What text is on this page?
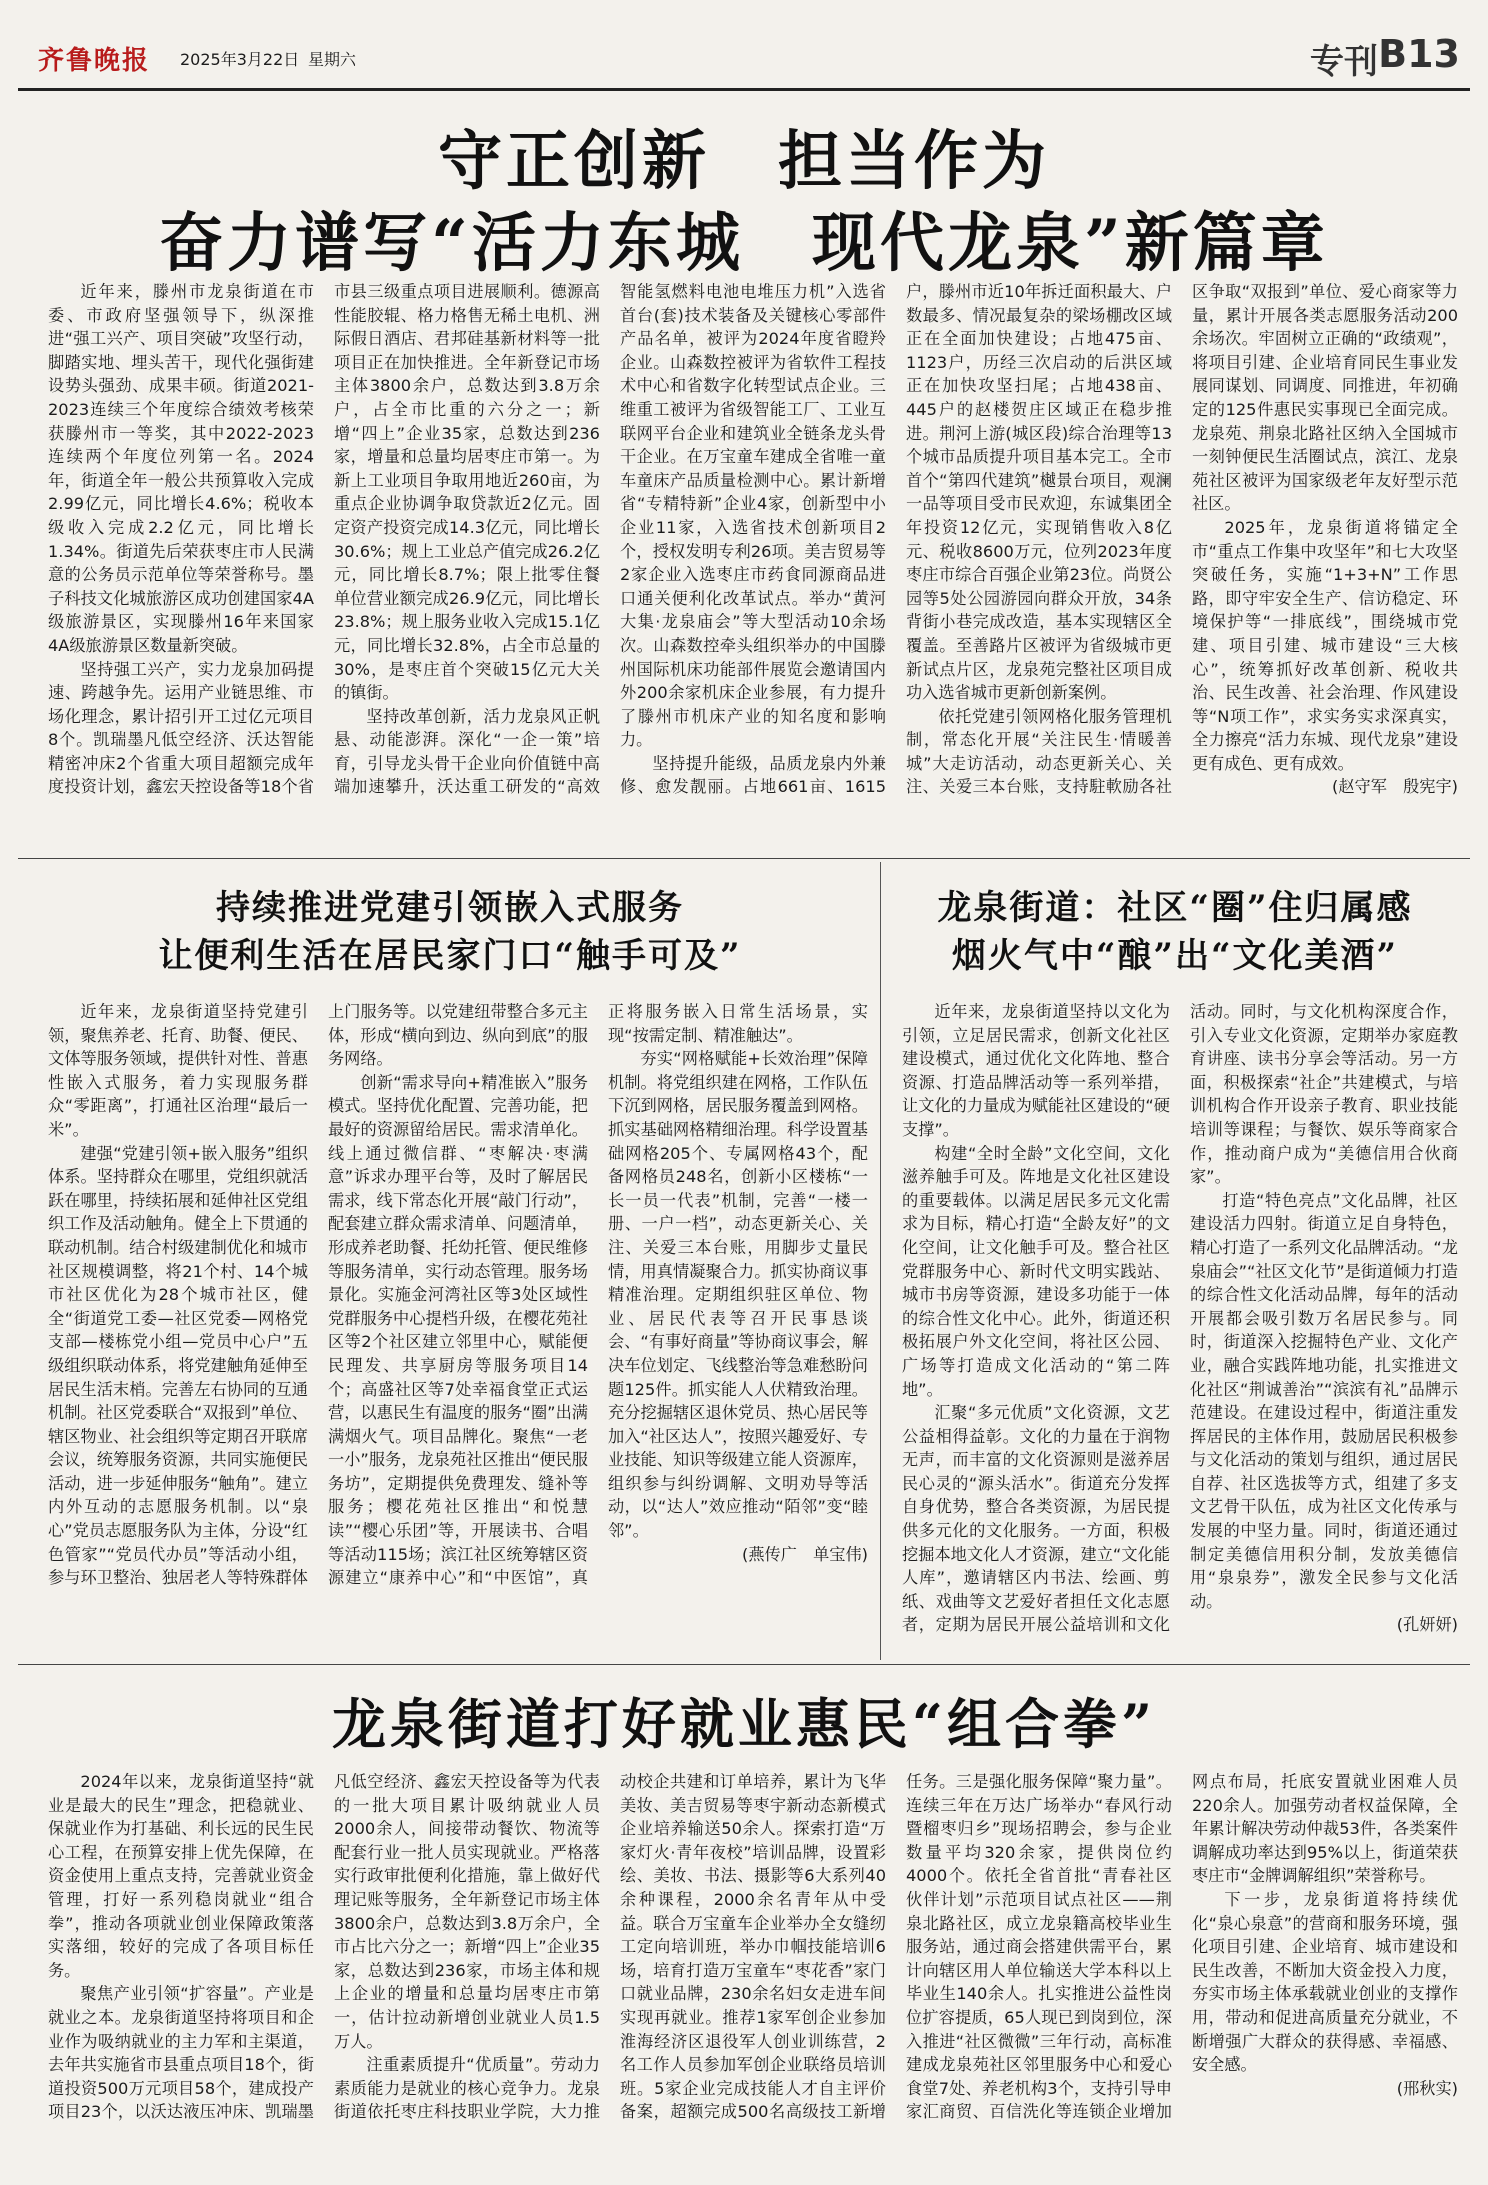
齐鲁晚报 2025年3月22日 星期六	专刊 B13
守正创新　担当作为
奋力谱写“活力东城　现代龙泉”新篇章

近年来，滕州市龙泉街道在市委、市政府坚强领导下，纵深推进“强工兴产、项目突破”攻坚行动，脚踏实地、埋头苦干，现代化强街建设势头强劲、成果丰硕。街道2021-2023连续三个年度综合绩效考核荣获滕州市一等奖，其中2022-2023连续两个年度位列第一名。2024年，街道全年一般公共预算收入完成2.99亿元，同比增长4.6%；税收本级收入完成2.2亿元，同比增长1.34%。街道先后荣获枣庄市人民满意的公务员示范单位等荣誉称号。墨子科技文化城旅游区成功创建国家4A级旅游景区，实现滕州16年来国家4A级旅游景区数量新突破。

坚持强工兴产，实力龙泉加码提速、跨越争先。运用产业链思维、市场化理念，累计招引开工过亿元项目8个。凯瑞墨凡低空经济、沃达智能精密冲床2个省重大项目超额完成年度投资计划，鑫宏天控设备等18个省市县三级重点项目进展顺利。德源高性能胶辊、格力格售无稀土电机、洲际假日酒店、君邦硅基新材料等一批项目正在加快推进。全年新登记市场主体3800余户，总数达到3.8万余户，占全市比重的六分之一；新增“四上”企业35家，总数达到236家，增量和总量均居枣庄市第一。为新上工业项目争取用地近260亩，为重点企业协调争取贷款近2亿元。固定资产投资完成14.3亿元，同比增长30.6%；规上工业总产值完成26.2亿元，同比增长8.7%；限上批零住餐单位营业额完成26.9亿元，同比增长23.8%；规上服务业收入完成15.1亿元，同比增长32.8%，占全市总量的30%，是枣庄首个突破15亿元大关的镇街。

坚持改革创新，活力龙泉风正帆悬、动能澎湃。深化“一企一策”培育，引导龙头骨干企业向价值链中高端加速攀升，沃达重工研发的“高效智能氢燃料电池电堆压力机”入选省首台(套)技术装备及关键核心零部件产品名单，被评为2024年度省瞪羚企业。山森数控被评为省软件工程技术中心和省数字化转型试点企业。三维重工被评为省级智能工厂、工业互联网平台企业和建筑业全链条龙头骨干企业。在万宝童车建成全省唯一童车童床产品质量检测中心。累计新增省“专精特新”企业4家，创新型中小企业11家，入选省技术创新项目2个，授权发明专利26项。美吉贸易等2家企业入选枣庄市药食同源商品进口通关便利化改革试点。举办“黄河大集·龙泉庙会”等大型活动10余场次。山森数控牵头组织举办的中国滕州国际机床功能部件展览会邀请国内外200余家机床企业参展，有力提升了滕州市机床产业的知名度和影响力。

坚持提升能级，品质龙泉内外兼修、愈发靓丽。占地661亩、1615户，滕州市近10年拆迁面积最大、户数最多、情况最复杂的梁场棚改区域正在全面加快建设；占地475亩、1123户，历经三次启动的后洪区域正在加快攻坚扫尾；占地438亩、445户的赵楼贺庄区域正在稳步推进。荆河上游(城区段)综合治理等13个城市品质提升项目基本完工。全市首个“第四代建筑”樾景台项目，观澜一品等项目受市民欢迎，东诚集团全年投资12亿元，实现销售收入8亿元、税收8600万元，位列2023年度枣庄市综合百强企业第23位。尚贤公园等5处公园游园向群众开放，34条背街小巷完成改造，基本实现辖区全覆盖。至善路片区被评为省级城市更新试点片区，龙泉苑完整社区项目成功入选省城市更新创新案例。

依托党建引领网格化服务管理机制，常态化开展“关注民生·情暖善城”大走访活动，动态更新关心、关注、关爱三本台账，支持駐軟励各社区争取“双报到”单位、爱心商家等力量，累计开展各类志愿服务活动200余场次。牢固树立正确的“政绩观”，将项目引建、企业培育同民生事业发展同谋划、同调度、同推进，年初确定的125件惠民实事现已全面完成。龙泉苑、荆泉北路社区纳入全国城市一刻钟便民生活圈试点，滨江、龙泉苑社区被评为国家级老年友好型示范社区。

2025年，龙泉街道将锚定全市“重点工作集中攻坚年”和七大攻坚突破任务，实施“1+3+N”工作思路，即守牢安全生产、信访稳定、环境保护等“一排底线”，围绕城市党建、项目引建、城市建设“三大核心”，统筹抓好改革创新、税收共治、民生改善、社会治理、作风建设等“N项工作”，求实务实求深真实，全力擦亮“活力东城、现代龙泉”建设更有成色、更有成效。

(赵守军　殷宪宇)

持续推进党建引领嵌入式服务
让便利生活在居民家门口“触手可及”

近年来，龙泉街道坚持党建引领，聚焦养老、托育、助餐、便民、文体等服务领域，提供针对性、普惠性嵌入式服务，着力实现服务群众“零距离”，打通社区治理“最后一米”。

建强“党建引领+嵌入服务”组织体系。坚持群众在哪里，党组织就活跃在哪里，持续拓展和延伸社区党组织工作及活动触角。健全上下贯通的联动机制。结合村级建制优化和城市社区规模调整，将21个村、14个城市社区优化为28个城市社区，健全“街道党工委—社区党委—网格党支部—楼栋党小组—党员中心户”五级组织联动体系，将党建触角延伸至居民生活末梢。完善左右协同的互通机制。社区党委联合“双报到”单位、辖区物业、社会组织等定期召开联席会议，统筹服务资源，共同实施便民活动，进一步延伸服务“触角”。建立内外互动的志愿服务机制。以“泉心”党员志愿服务队为主体，分设“红色管家”“党员代办员”等活动小组，参与环卫整治、独居老人等特殊群体上门服务等。以党建纽带整合多元主体，形成“横向到边、纵向到底”的服务网络。

创新“需求导向+精准嵌入”服务模式。坚持优化配置、完善功能，把最好的资源留给居民。需求清单化。线上通过微信群、“枣解决·枣满意”诉求办理平台等，及时了解居民需求，线下常态化开展“敲门行动”，配套建立群众需求清单、问题清单，形成养老助餐、托幼托管、便民维修等服务清单，实行动态管理。服务场景化。实施金河湾社区等3处区域性党群服务中心提档升级，在樱花苑社区等2个社区建立邻里中心，赋能便民理发、共享厨房等服务项目14个；高盛社区等7处幸福食堂正式运营，以惠民生有温度的服务“圈”出满满烟火气。项目品牌化。聚焦“一老一小”服务，龙泉苑社区推出“便民服务坊”，定期提供免费理发、缝补等服务；樱花苑社区推出“和悦慧读”“樱心乐团”等，开展读书、合唱等活动115场；滨江社区统筹辖区资源建立“康养中心”和“中医馆”，真正将服务嵌入日常生活场景，实现“按需定制、精准触达”。

夯实“网格赋能+长效治理”保障机制。将党组织建在网格，工作队伍下沉到网格，居民服务覆盖到网格。抓实基础网格精细治理。科学设置基础网格205个、专属网格43个，配备网格员248名，创新小区楼栋“一长一员一代表”机制，完善“一楼一册、一户一档”，动态更新关心、关注、关爱三本台账，用脚步丈量民情，用真情凝聚合力。抓实协商议事精准治理。定期组织驻区单位、物业、居民代表等召开民事恳谈会、“有事好商量”等协商议事会，解决车位划定、飞线整治等急难愁盼问题125件。抓实能人人伏精致治理。充分挖掘辖区退休党员、热心居民等加入“社区达人”，按照兴趣爱好、专业技能、知识等级建立能人资源库，组织参与纠纷调解、文明劝导等活动，以“达人”效应推动“陌邻”变“睦邻”。

(燕传广　单宝伟)

龙泉街道：社区“圈”住归属感
烟火气中“酿”出“文化美酒”

近年来，龙泉街道坚持以文化为引领，立足居民需求，创新文化社区建设模式，通过优化文化阵地、整合资源、打造品牌活动等一系列举措，让文化的力量成为赋能社区建设的“硬支撑”。

构建“全时全龄”文化空间，文化滋养触手可及。阵地是文化社区建设的重要载体。以满足居民多元文化需求为目标，精心打造“全龄友好”的文化空间，让文化触手可及。整合社区党群服务中心、新时代文明实践站、城市书房等资源，建设多功能于一体的综合性文化中心。此外，街道还积极拓展户外文化空间，将社区公园、广场等打造成文化活动的“第二阵地”。

汇聚“多元优质”文化资源，文艺公益相得益彰。文化的力量在于润物无声，而丰富的文化资源则是滋养居民心灵的“源头活水”。街道充分发挥自身优势，整合各类资源，为居民提供多元化的文化服务。一方面，积极挖掘本地文化人才资源，建立“文化能人库”，邀请辖区内书法、绘画、剪纸、戏曲等文艺爱好者担任文化志愿者，定期为居民开展公益培训和文化活动。同时，与文化机构深度合作，引入专业文化资源，定期举办家庭教育讲座、读书分享会等活动。另一方面，积极探索“社企”共建模式，与培训机构合作开设亲子教育、职业技能培训等课程；与餐饮、娱乐等商家合作，推动商户成为“美德信用合伙商家”。

打造“特色亮点”文化品牌，社区建设活力四射。街道立足自身特色，精心打造了一系列文化品牌活动。“龙泉庙会”“社区文化节”是街道倾力打造的综合性文化活动品牌，每年的活动开展都会吸引数万名居民参与。同时，街道深入挖掘特色产业、文化产业，融合实践阵地功能，扎实推进文化社区“荆诚善治”“滨滨有礼”品牌示范建设。在建设过程中，街道注重发挥居民的主体作用，鼓励居民积极参与文化活动的策划与组织，通过居民自荐、社区选拔等方式，组建了多支文艺骨干队伍，成为社区文化传承与发展的中坚力量。同时，街道还通过制定美德信用积分制，发放美德信用“泉泉券”，激发全民参与文化活动。

(孔妍妍)

龙泉街道打好就业惠民“组合拳”

2024年以来，龙泉街道坚持“就业是最大的民生”理念，把稳就业、保就业作为打基础、利长远的民生民心工程，在预算安排上优先保障，在资金使用上重点支持，完善就业资金管理，打好一系列稳岗就业“组合拳”，推动各项就业创业保障政策落实落细，较好的完成了各项目标任务。

聚焦产业引领“扩容量”。产业是就业之本。龙泉街道坚持将项目和企业作为吸纳就业的主力军和主渠道，去年共实施省市县重点项目18个，街道投资500万元项目58个，建成投产项目23个，以沃达液压冲床、凯瑞墨凡低空经济、鑫宏天控设备等为代表的一批大项目累计吸纳就业人员2000余人，间接带动餐饮、物流等配套行业一批人员实现就业。严格落实行政审批便利化措施，靠上做好代理记账等服务，全年新登记市场主体3800余户，总数达到3.8万余户，全市占比六分之一；新增“四上”企业35家，总数达到236家，市场主体和规上企业的增量和总量均居枣庄市第一，估计拉动新增创业就业人员1.5万人。

注重素质提升“优质量”。劳动力素质能力是就业的核心竞争力。龙泉街道依托枣庄科技职业学院，大力推动校企共建和订单培养，累计为飞华美妆、美吉贸易等枣宇新动态新模式企业培养输送50余人。探索打造“万家灯火·青年夜校”培训品牌，设置彩绘、美妆、书法、摄影等6大系列40余种课程，2000余名青年从中受益。联合万宝童车企业举办全女缝纫工定向培训班，举办巾帼技能培训6场，培育打造万宝童车“枣花香”家门口就业品牌，230余名妇女走进车间实现再就业。推荐1家军创企业参加淮海经济区退役军人创业训练营，2名工作人员参加军创企业联络员培训班。5家企业完成技能人才自主评价备案，超额完成500名高级技工新增任务。三是强化服务保障“聚力量”。连续三年在万达广场举办“春风行动暨榴枣归乡”现场招聘会，参与企业数量平均320余家，提供岗位约4000个。依托全省首批“青春社区　伙伴计划”示范项目试点社区——荆泉北路社区，成立龙泉籍高校毕业生服务站，通过商会搭建供需平台，累计向辖区用人单位输送大学本科以上毕业生140余人。扎实推进公益性岗位扩容提质，65人现已到岗到位，深入推进“社区微微”三年行动，高标准建成龙泉苑社区邻里服务中心和爱心食堂7处、养老机构3个，支持引导申家汇商贸、百信洗化等连锁企业增加网点布局，托底安置就业困难人员220余人。加强劳动者权益保障，全年累计解决劳动仲裁53件，各类案件调解成功率达到95%以上，街道荣获枣庄市“金牌调解组织”荣誉称号。

下一步，龙泉街道将持续优化“泉心泉意”的营商和服务环境，强化项目引建、企业培育、城市建设和民生改善，不断加大资金投入力度，夯实市场主体承载就业创业的支撑作用，带动和促进高质量充分就业，不断增强广大群众的获得感、幸福感、安全感。

(邢秋实)
